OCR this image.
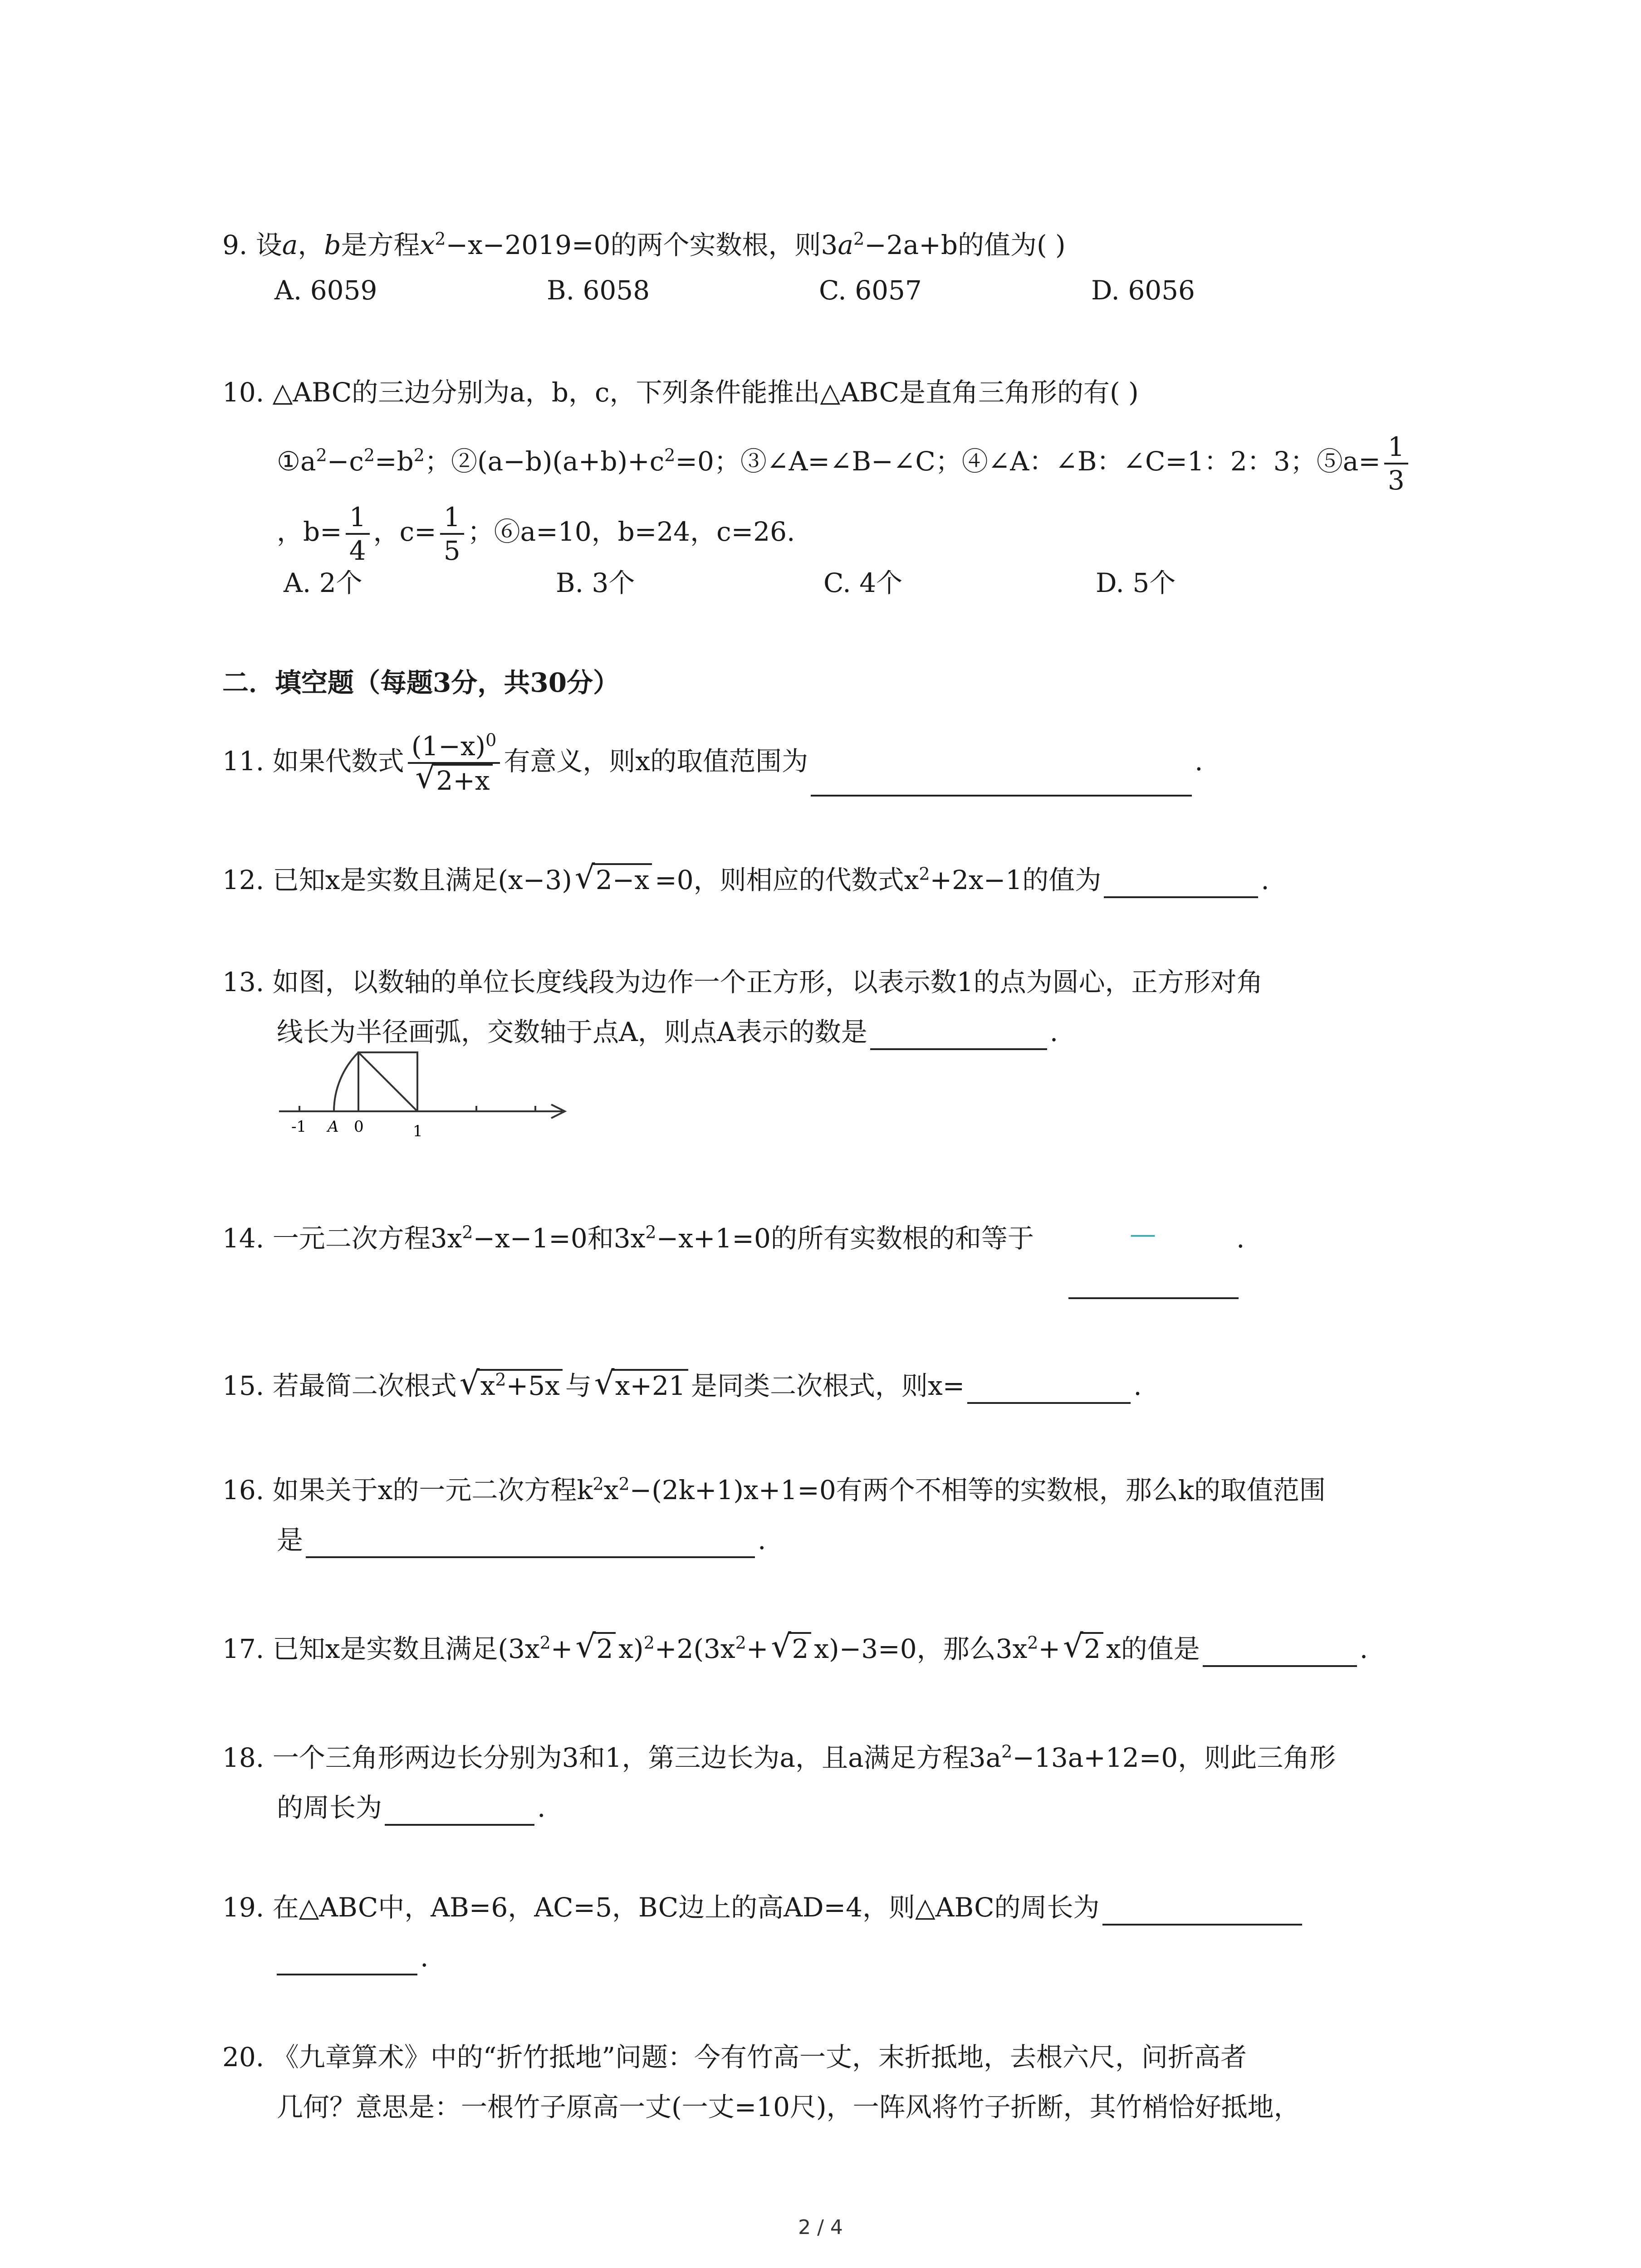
9. 设a，b是方程$x^2-x-2019=0$的两个实数根，则$3a^2-2a+b$的值为( )
A. 6059	B. 6058	C. 6057	D. 6056
10. △ABC的三边分别为a，b，c，下列条件能推出△ABC是直角三角形的有( )
$①a^2-c^2=b^2$；$②(a-b)(a+b)+c^2=0$；③∠A=∠B−∠C；④∠A：∠B：∠C=1：2：3；⑤a= $\frac{1}{3}$
，$b= \frac{1}{4}$ ，$c= \frac{1}{5}$ ；⑥a=10，b=24，c=26.
A. 2个	B. 3个	C. 4个	D. 5个
二．填空题（每题3分，共30分）
11. 如果代数式 $\frac{(1-x)^0}{√ 2+x}$ 有意义，则x的取值范围为	.
12. 已知x是实数且满足(x−3) √ 2−x =0，则相应的代数式$x^2+2x-1$的值为	.
13. 如图，以数轴的单位长度线段为边作一个正方形，以表示数1的点为圆心，正方形对角
线长为半径画弧，交数轴于点A，则点A表示的数是	.
-1 A 0	1
14. 一元二次方程$3x^2-x-1=0$和$3x^2-x+1=0$的所有实数根的和等于	—	.
15. 若最简二次根式 √ $x^2+5x$ 与 √ x+21 是同类二次根式，则x=	.
16. 如果关于x的一元二次方程$k^2x^2-(2k+1)x+1=0$有两个不相等的实数根，那么k的取值范围
是	.
17. 已知x是实数且满足($3x^2+$ √ 2 $x)^2+2(3x^2+$ √ 2 x)−3=0，那么$3x^2+$ √ 2 x的值是	.
18. 一个三角形两边长分别为3和1，第三边长为a，且a满足方程$3a^2-13a+12=0$，则此三角形
的周长为	.
19. 在△ABC中，AB=6，AC=5，BC边上的高AD=4，则△ABC的周长为
.
20. 《九章算术》中的“折竹抵地”问题：今有竹高一丈，末折抵地，去根六尺，问折高者
几何？意思是：一根竹子原高一丈(一丈=10尺)，一阵风将竹子折断，其竹梢恰好抵地，
2 / 4
